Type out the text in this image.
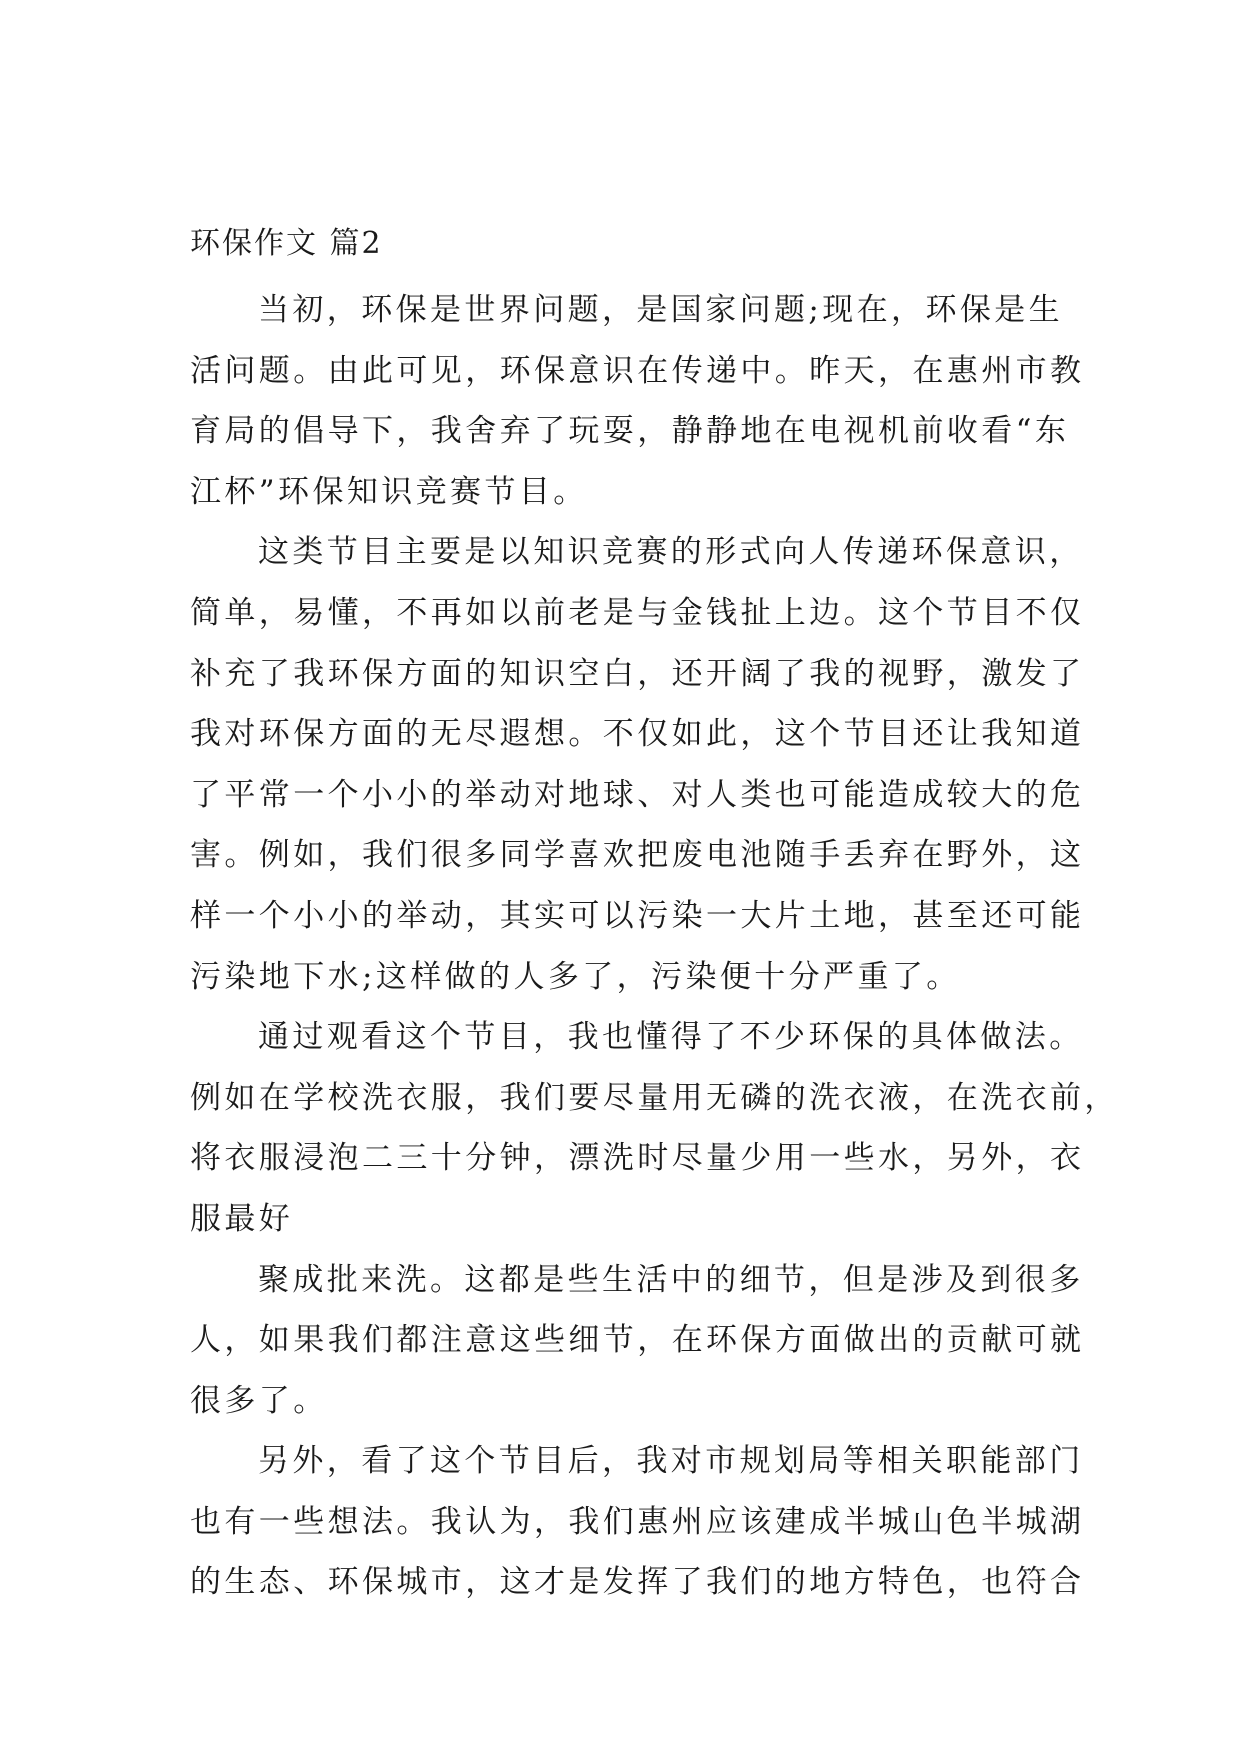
环保作文 篇2
当初，环保是世界问题，是国家问题;现在，环保是生
活问题。由此可见，环保意识在传递中。昨天，在惠州市教
育局的倡导下，我舍弃了玩耍，静静地在电视机前收看“东
江杯”环保知识竞赛节目。
这类节目主要是以知识竞赛的形式向人传递环保意识，
简单，易懂，不再如以前老是与金钱扯上边。这个节目不仅
补充了我环保方面的知识空白，还开阔了我的视野，激发了
我对环保方面的无尽遐想。不仅如此，这个节目还让我知道
了平常一个小小的举动对地球、对人类也可能造成较大的危
害。例如，我们很多同学喜欢把废电池随手丢弃在野外，这
样一个小小的举动，其实可以污染一大片土地，甚至还可能
污染地下水;这样做的人多了，污染便十分严重了。
通过观看这个节目，我也懂得了不少环保的具体做法。
例如在学校洗衣服，我们要尽量用无磷的洗衣液，在洗衣前，
将衣服浸泡二三十分钟，漂洗时尽量少用一些水，另外，衣
服最好
聚成批来洗。这都是些生活中的细节，但是涉及到很多
人，如果我们都注意这些细节，在环保方面做出的贡献可就
很多了。
另外，看了这个节目后，我对市规划局等相关职能部门
也有一些想法。我认为，我们惠州应该建成半城山色半城湖
的生态、环保城市，这才是发挥了我们的地方特色，也符合
